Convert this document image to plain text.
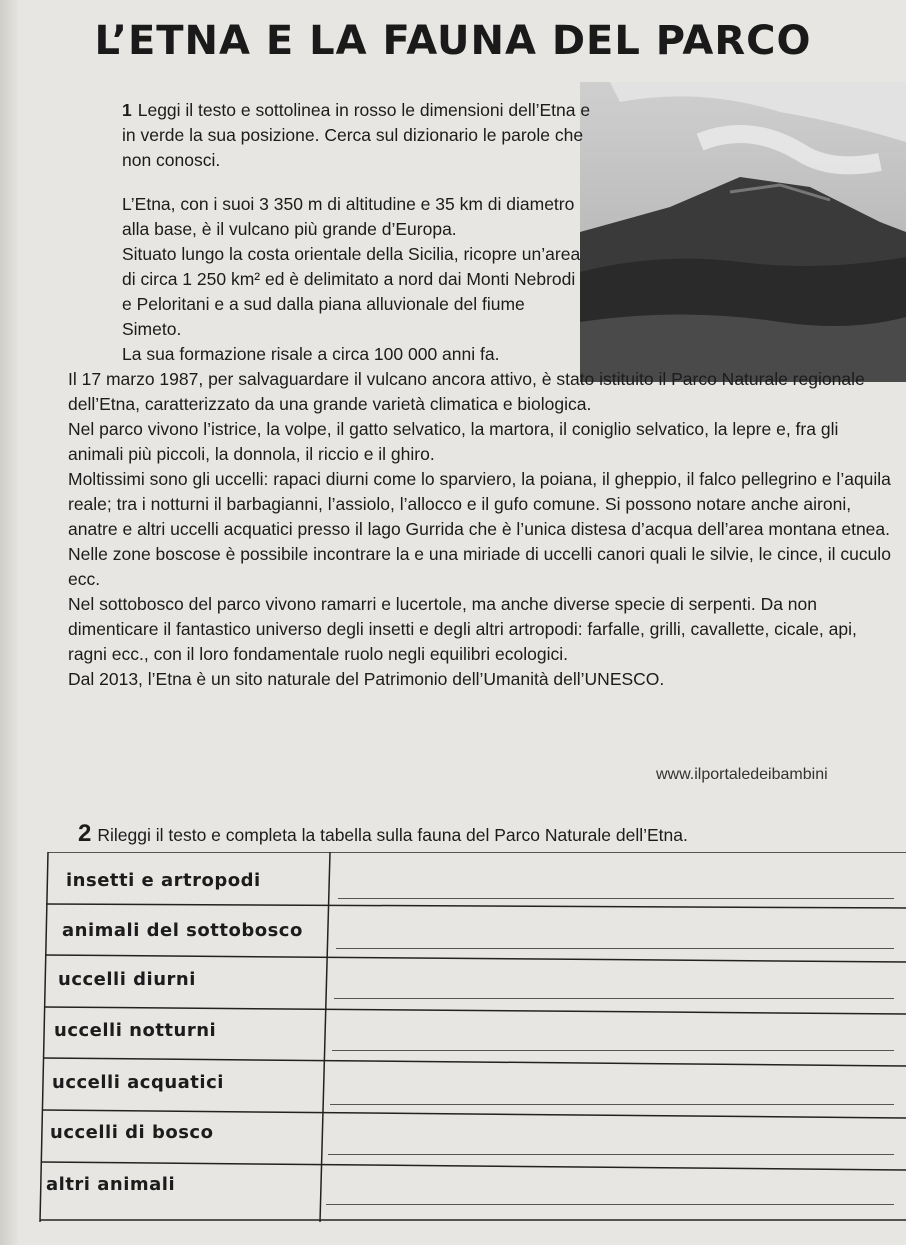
L’ETNA E LA FAUNA DEL PARCO
1 Leggi il testo e sottolinea in rosso le dimensioni dell’Etna e in verde la sua posizione. Cerca sul dizionario le parole che non conosci.

L’Etna, con i suoi 3 350 m di altitudine e 35 km di diametro alla base, è il vulcano più grande d’Europa.

Situato lungo la costa orientale della Sicilia, ricopre un’area di circa 1 250 km² ed è delimitato a nord dai Monti Nebrodi e Peloritani e a sud dalla piana alluvionale del fiume Simeto.

La sua formazione risale a circa 100 000 anni fa.

Il 17 marzo 1987, per salvaguardare il vulcano ancora attivo, è stato istituito il Parco Naturale regionale dell’Etna, caratterizzato da una grande varietà climatica e biologica.

Nel parco vivono l’istrice, la volpe, il gatto selvatico, la martora, il coniglio selvatico, la lepre e, fra gli animali più piccoli, la donnola, il riccio e il ghiro.

Moltissimi sono gli uccelli: rapaci diurni come lo sparviero, la poiana, il gheppio, il falco pellegrino e l’aquila reale; tra i notturni il barbagianni, l’assiolo, l’allocco e il gufo comune. Si possono notare anche aironi, anatre e altri uccelli acquatici presso il lago Gurrida che è l’unica distesa d’acqua dell’area montana etnea. Nelle zone boscose è possibile incontrare la e una miriade di uccelli canori quali le silvie, le cince, il cuculo ecc.

Nel sottobosco del parco vivono ramarri e lucertole, ma anche diverse specie di serpenti. Da non dimenticare il fantastico universo degli insetti e degli altri artropodi: farfalle, grilli, cavallette, cicale, api, ragni ecc., con il loro fondamentale ruolo negli equilibri ecologici.

Dal 2013, l’Etna è un sito naturale del Patrimonio dell’Umanità dell’UNESCO.

www.ilportaledeibambini
2 Rileggi il testo e completa la tabella sulla fauna del Parco Naturale dell’Etna.
insetti e artropodi
animali del sottobosco
uccelli diurni
uccelli notturni
uccelli acquatici
uccelli di bosco
altri animali
